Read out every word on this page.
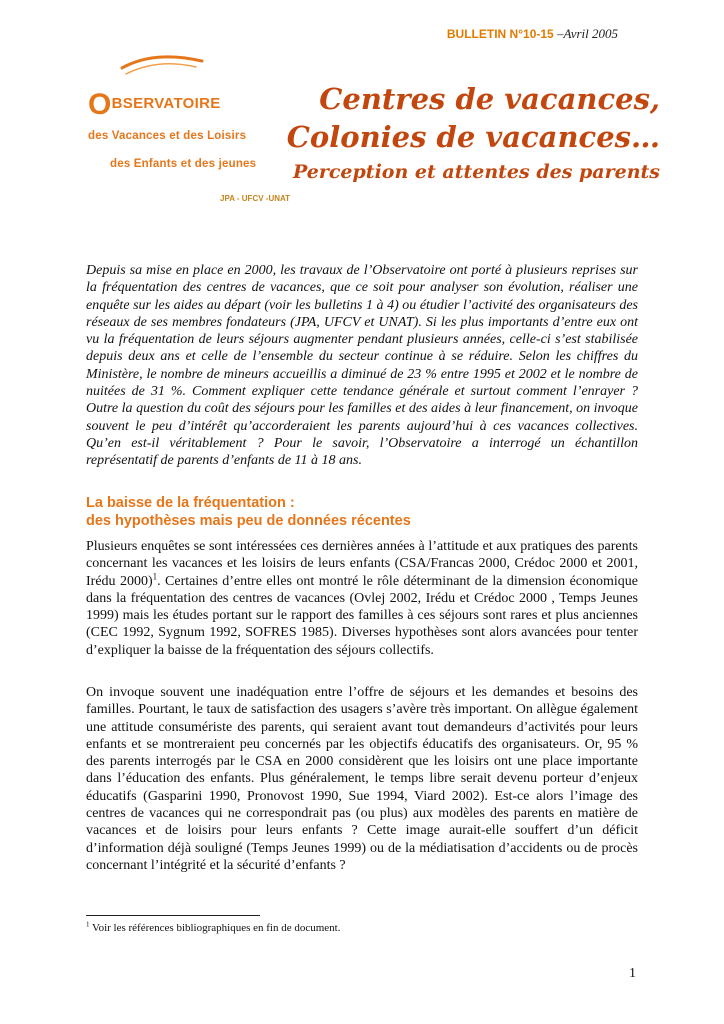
BULLETIN N°10-15 –Avril 2005
OBSERVATOIRE
des Vacances et des Loisirs
des Enfants et des jeunes
JPA - UFCV -UNAT
Centres de vacances,
Colonies de vacances…
Perception et attentes des parents

Depuis sa mise en place en 2000, les travaux de l’Observatoire ont porté à plusieurs reprises sur la fréquentation des centres de vacances, que ce soit pour analyser son évolution, réaliser une enquête sur les aides au départ (voir les bulletins 1 à 4) ou étudier l’activité des organisateurs des réseaux de ses membres fondateurs (JPA, UFCV et UNAT). Si les plus importants d’entre eux ont vu la fréquentation de leurs séjours augmenter pendant plusieurs années, celle-ci s’est stabilisée depuis deux ans et celle de l’ensemble du secteur continue à se réduire. Selon les chiffres du Ministère, le nombre de mineurs accueillis a diminué de 23 % entre 1995 et 2002 et le nombre de nuitées de 31 %. Comment expliquer cette tendance générale et surtout comment l’enrayer ? Outre la question du coût des séjours pour les familles et des aides à leur financement, on invoque souvent le peu d’intérêt qu’accorderaient les parents aujourd’hui à ces vacances collectives. Qu’en est-il véritablement ? Pour le savoir, l’Observatoire a interrogé un échantillon représentatif de parents d’enfants de 11 à 18 ans.

La baisse de la fréquentation :
des hypothèses mais peu de données récentes

Plusieurs enquêtes se sont intéressées ces dernières années à l’attitude et aux pratiques des parents concernant les vacances et les loisirs de leurs enfants (CSA/Francas 2000, Crédoc 2000 et 2001, Irédu 2000)$^1$. Certaines d’entre elles ont montré le rôle déterminant de la dimension économique dans la fréquentation des centres de vacances (Ovlej 2002, Irédu et Crédoc 2000 , Temps Jeunes 1999) mais les études portant sur le rapport des familles à ces séjours sont rares et plus anciennes (CEC 1992, Sygnum 1992, SOFRES 1985). Diverses hypothèses sont alors avancées pour tenter d’expliquer la baisse de la fréquentation des séjours collectifs.

On invoque souvent une inadéquation entre l’offre de séjours et les demandes et besoins des familles. Pourtant, le taux de satisfaction des usagers s’avère très important. On allègue également une attitude consumériste des parents, qui seraient avant tout demandeurs d’activités pour leurs enfants et se montreraient peu concernés par les objectifs éducatifs des organisateurs. Or, 95 % des parents interrogés par le CSA en 2000 considèrent que les loisirs ont une place importante dans l’éducation des enfants. Plus généralement, le temps libre serait devenu porteur d’enjeux éducatifs (Gasparini 1990, Pronovost 1990, Sue 1994, Viard 2002). Est-ce alors l’image des centres de vacances qui ne correspondrait pas (ou plus) aux modèles des parents en matière de vacances et de loisirs pour leurs enfants ? Cette image aurait-elle souffert d’un déficit d’information déjà souligné (Temps Jeunes 1999) ou de la médiatisation d’accidents ou de procès concernant l’intégrité et la sécurité d’enfants ?

$^1$ Voir les références bibliographiques en fin de document.
1
